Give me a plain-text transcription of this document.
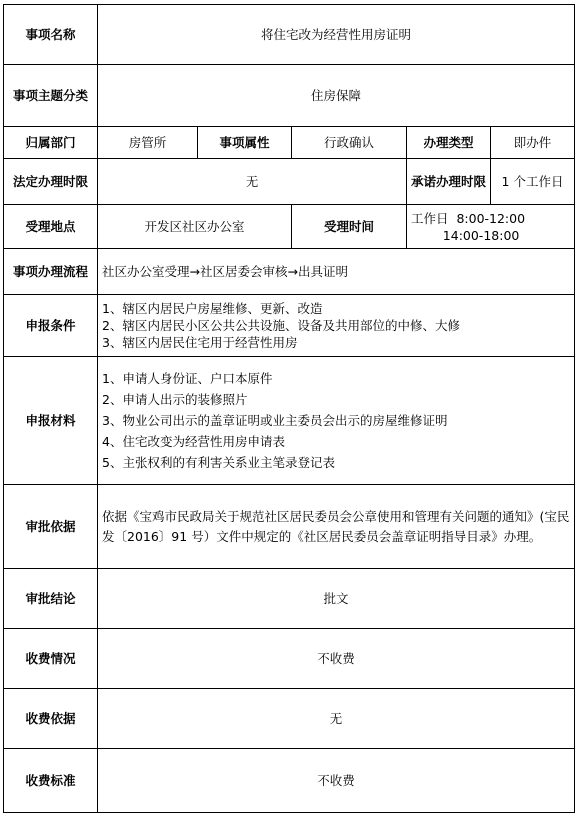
事项名称	将住宅改为经营性用房证明				
事项主题分类	住房保障				
归属部门	房管所	事项属性	行政确认	办理类型	即办件
法定办理时限	无			承诺办理时限	1 个工作日
受理地点	开发区社区办公室		受理时间	工作日  8:00-12:00
14:00-18:00	

事项办理流程	社区办公室受理→社区居委会审核→出具证明				
申报条件	1、辖区内居民户房屋维修、更新、改造
2、辖区内居民小区公共公共设施、设备及共用部位的中修、大修
3、辖区内居民住宅用于经营性用房				

申报材料	1、申请人身份证、户口本原件
2、申请人出示的装修照片
3、物业公司出示的盖章证明或业主委员会出示的房屋维修证明
4、住宅改变为经营性用房申请表
5、主张权利的有利害关系业主笔录登记表				

审批依据	依据《宝鸡市民政局关于规范社区居民委员会公章使用和管理有关问题的通知》(宝民发〔2016〕91 号）文件中规定的《社区居民委员会盖章证明指导目录》办理。				
审批结论	批文				
收费情况	不收费				
收费依据	无				
收费标准	不收费				
